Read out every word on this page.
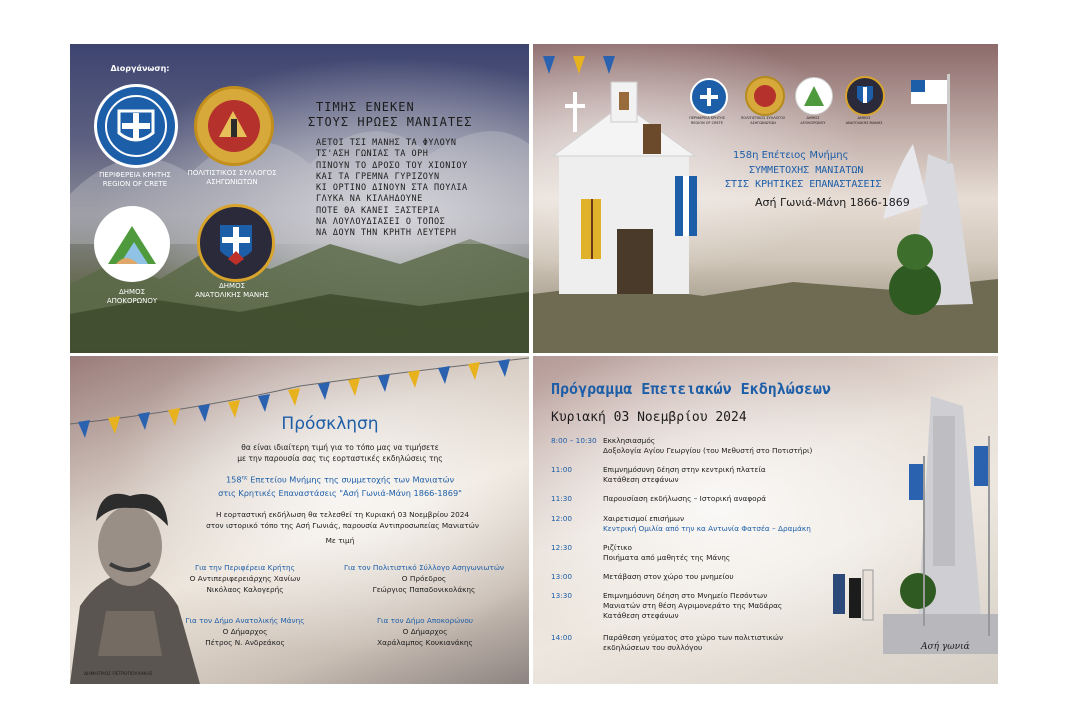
Διοργάνωση:
ΠΕΡΙΦΕΡΕΙΑ ΚΡΗΤΗΣ
REGION OF CRETE
ΠΟΛΙΤΙΣΤΙΚΟΣ ΣΥΛΛΟΓΟΣ
ΑΣΗΓΩΝΙΩΤΩΝ
ΔΗΜΟΣ
ΑΠΟΚΟΡΩΝΟΥ
ΔΗΜΟΣ
ΑΝΑΤΟΛΙΚΗΣ ΜΑΝΗΣ
ΤΙΜΗΣ ΕΝΕΚΕΝ
ΣΤΟΥΣ ΗΡΩΕΣ ΜΑΝΙΑΤΕΣ
ΑΕΤΟΙ ΤΣΙ ΜΑΝΗΣ ΤΑ ΦΥΛΟΥΝ
ΤΣ'ΑΣΗ ΓΩΝΙΑΣ ΤΑ ΟΡΗ
ΠΙΝΟΥΝ ΤΟ ΔΡΟΣΟ ΤΟΥ ΧΙΟΝΙΟΥ
ΚΑΙ ΤΑ ΓΡΕΜΝΑ ΓΥΡΙΖΟΥΝ
ΚΙ ΟΡΤΙΝΟ ΔΙΝΟΥΝ ΣΤΑ ΠΟΥΛΙΑ
ΓΛΥΚΑ ΝΑ ΚΙΛΑΗΔΟΥΝΕ
ΠΟΤΕ ΘΑ ΚΑΝΕΙ ΞΑΣΤΕΡΙΑ
ΝΑ ΛΟΥΛΟΥΔΙΑΣΕΙ Ο ΤΟΠΟΣ
ΝΑ ΔΟΥΝ ΤΗΝ ΚΡΗΤΗ ΛΕΥΤΕΡΗ
ΠΕΡΙΦΕΡΕΙΑ ΚΡΗΤΗΣ
REGION OF CRETE
ΠΟΛΙΤΙΣΤΙΚΟΣ ΣΥΛΛΟΓΟΣ
ΑΣΗΓΩΝΙΩΤΩΝ
ΔΗΜΟΣ
ΑΠΟΚΟΡΩΝΟΥ
ΔΗΜΟΣ
ΑΝΑΤΟΛΙΚΗΣ ΜΑΝΗΣ
158η Επέτειος Μνήμης
ΣΥΜΜΕΤΟΧΗΣ ΜΑΝΙΑΤΩΝ
ΣΤΙΣ ΚΡΗΤΙΚΕΣ ΕΠΑΝΑΣΤΑΣΕΙΣ
Ασή Γωνιά-Μάνη 1866-1869
Πρόσκληση
θα είναι ιδιαίτερη τιμή για το τόπο μας να τιμήσετε
με την παρουσία σας τις εορταστικές εκδηλώσεις της
$158^{\eta\varsigma}$ Επετείου Μνήμης της συμμετοχής των Μανιατών
στις Κρητικές Επαναστάσεις "Ασή Γωνιά-Μάνη 1866-1869"
Η εορταστική εκδήλωση θα τελεσθεί τη Κυριακή 03 Νοεμβρίου 2024
στον ιστορικό τόπο της Ασή Γωνιάς, παρουσία Αντιπροσωπείας Μανιατών
Με τιμή
Για την Περιφέρεια Κρήτης
Ο Αντιπεριφερειάρχης Χανίων
Νικόλαος Καλογερής
Για τον Πολιτιστικό Σύλλογο Ασηγωνιωτών
Ο Πρόεδρος
Γεώργιος Παπαδονικολάκης
Για τον Δήμο Ανατολικής Μάνης
Ο Δήμαρχος
Πέτρος Ν. Ανδρεάκος
Για τον Δήμο Αποκορώνου
Ο Δήμαρχος
Χαράλαμπος Κουκιανάκης
ΔΗΜΗΤΡΙΟΣ ΠΕΤΡΟΠΟΥΛΑΚΗΣ
Πρόγραμμα Επετειακών Εκδηλώσεων
Κυριακή 03 Νοεμβρίου 2024
8:00 – 10:30 Εκκλησιασμός
Δοξολογία Αγίου Γεωργίου (του Μεθυστή στο Ποτιστήρι)
11:00	Επιμνημόσυνη δέηση στην κεντρική πλατεία
Κατάθεση στεφάνων
11:30	Παρουσίαση εκδήλωσης – Ιστορική αναφορά
12:00	Χαιρετισμοί επισήμων
Κεντρική Ομιλία από την κα Αντωνία Φατσέα – Δραμάκη
12:30	Ριζίτικο
Ποιήματα από μαθητές της Μάνης
13:00	Μετάβαση στον χώρο του μνημείου
13:30	Επιμνημόσυνη δέηση στο Μνημείο Πεσόντων
Μανιατών στη θέση Αγριμονεράτο της Μαδάρας
Κατάθεση στεφάνων
14:00	Παράθεση γεύματος στο χώρο των πολιτιστικών
εκδηλώσεων του συλλόγου	Ασή γωνιά
